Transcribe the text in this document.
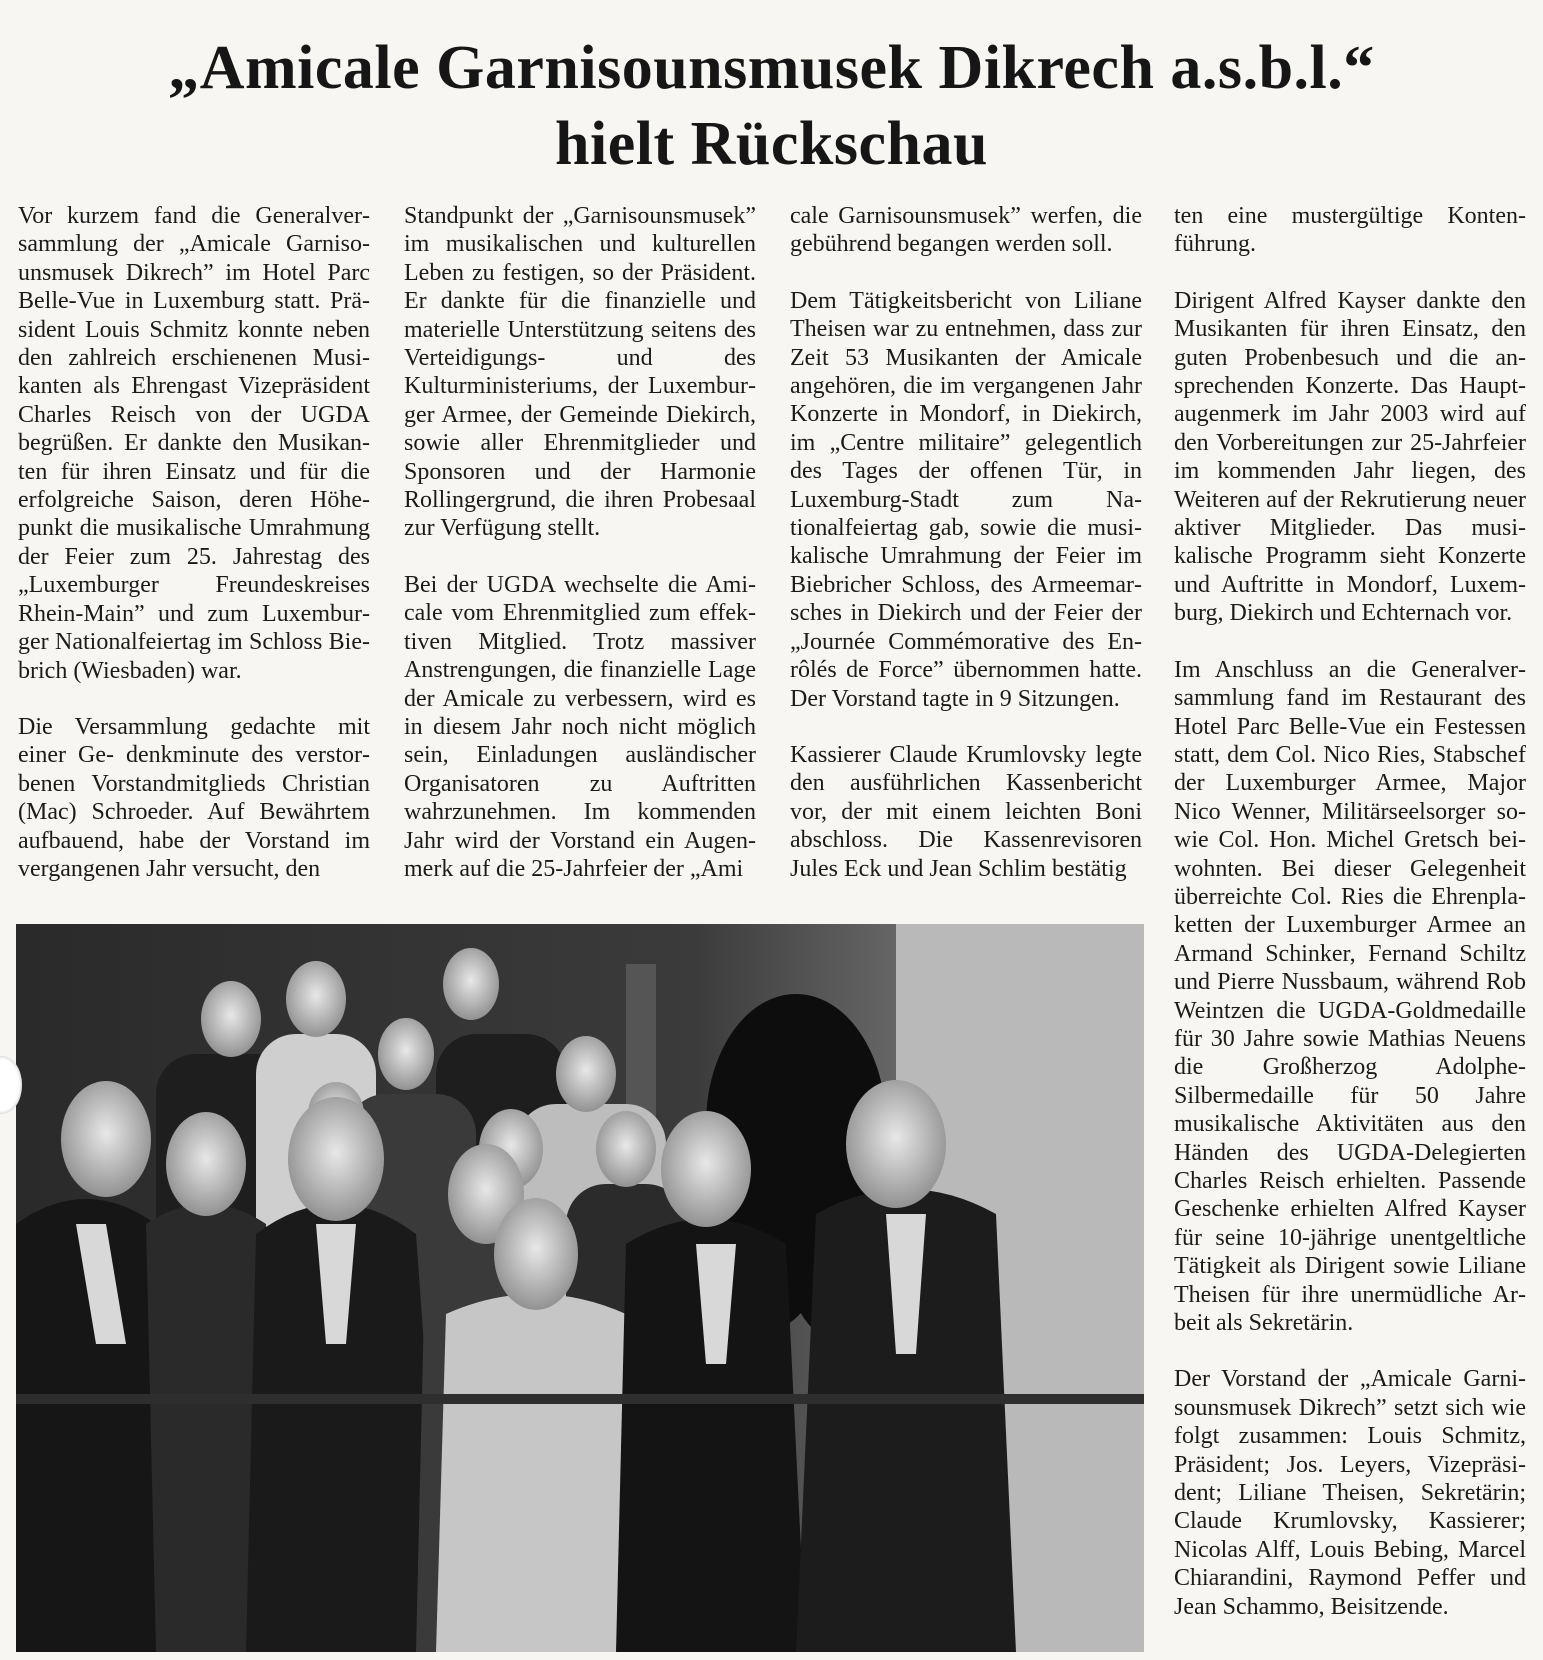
„Amicale Garnisounsmusek Dikrech a.s.b.l.“
hielt Rückschau

Vor kurzem fand die Generalversammlung der „Amicale Garnisounsmusek Dikrech” im Hotel Parc Belle-Vue in Luxemburg statt. Präsident Louis Schmitz konnte neben den zahlreich erschienenen Musikanten als Ehrengast Vizepräsident Charles Reisch von der UGDA begrüßen. Er dankte den Musikanten für ihren Einsatz und für die erfolgreiche Saison, deren Höhepunkt die musikalische Umrahmung der Feier zum 25. Jahrestag des „Luxemburger Freundeskreises Rhein-Main” und zum Luxemburger Nationalfeiertag im Schloss Biebrich (Wiesbaden) war.

Die Versammlung gedachte mit einer Ge- denkminute des verstorbenen Vorstandmitglieds Christian (Mac) Schroeder. Auf Bewährtem aufbauend, habe der Vorstand im vergangenen Jahr versucht, den

Standpunkt der „Garnisounsmusek” im musikalischen und kulturellen Leben zu festigen, so der Präsident. Er dankte für die finanzielle und materielle Unterstützung seitens des Verteidigungs- und des Kulturministeriums, der Luxemburger Armee, der Gemeinde Diekirch, sowie aller Ehrenmitglieder und Sponsoren und der Harmonie Rollingergrund, die ihren Probesaal zur Verfügung stellt.

Bei der UGDA wechselte die Amicale vom Ehrenmitglied zum effektiven Mitglied. Trotz massiver Anstrengungen, die finanzielle Lage der Amicale zu verbessern, wird es in diesem Jahr noch nicht möglich sein, Einladungen ausländischer Organisatoren zu Auftritten wahrzunehmen. Im kommenden Jahr wird der Vorstand ein Augenmerk auf die 25-Jahrfeier der „Ami

cale Garnisounsmusek” werfen, die gebührend begangen werden soll.

Dem Tätigkeitsbericht von Liliane Theisen war zu entnehmen, dass zur Zeit 53 Musikanten der Amicale angehören, die im vergangenen Jahr Konzerte in Mondorf, in Diekirch, im „Centre militaire” gelegentlich des Tages der offenen Tür, in Luxemburg-Stadt zum Nationalfeiertag gab, sowie die musikalische Umrahmung der Feier im Biebricher Schloss, des Armeemarsches in Diekirch und der Feier der „Journée Commémorative des Enrôlés de Force” übernommen hatte. Der Vorstand tagte in 9 Sitzungen.

Kassierer Claude Krumlovsky legte den ausführlichen Kassenbericht vor, der mit einem leichten Boni abschloss. Die Kassenrevisoren Jules Eck und Jean Schlim bestätig

ten eine mustergültige Kontenführung.

Dirigent Alfred Kayser dankte den Musikanten für ihren Einsatz, den guten Probenbesuch und die ansprechenden Konzerte. Das Hauptaugenmerk im Jahr 2003 wird auf den Vorbereitungen zur 25-Jahrfeier im kommenden Jahr liegen, des Weiteren auf der Rekrutierung neuer aktiver Mitglieder. Das musikalische Programm sieht Konzerte und Auftritte in Mondorf, Luxemburg, Diekirch und Echternach vor.

Im Anschluss an die Generalversammlung fand im Restaurant des Hotel Parc Belle-Vue ein Festessen statt, dem Col. Nico Ries, Stabschef der Luxemburger Armee, Major Nico Wenner, Militärseelsorger sowie Col. Hon. Michel Gretsch beiwohnten. Bei dieser Gelegenheit überreichte Col. Ries die Ehrenplaketten der Luxemburger Armee an Armand Schinker, Fernand Schiltz und Pierre Nussbaum, während Rob Weintzen die UGDA-Goldmedaille für 30 Jahre sowie Mathias Neuens die Großherzog Adolphe-Silbermedaille für 50 Jahre musikalische Aktivitäten aus den Händen des UGDA-Delegierten Charles Reisch erhielten. Passende Geschenke erhielten Alfred Kayser für seine 10-jährige unentgeltliche Tätigkeit als Dirigent sowie Liliane Theisen für ihre unermüdliche Arbeit als Sekretärin.

Der Vorstand der „Amicale Garnisounsmusek Dikrech” setzt sich wie folgt zusammen: Louis Schmitz, Präsident; Jos. Leyers, Vizepräsident; Liliane Theisen, Sekretärin; Claude Krumlovsky, Kassierer; Nicolas Alff, Louis Bebing, Marcel Chiarandini, Raymond Peffer und Jean Schammo, Beisitzende.
